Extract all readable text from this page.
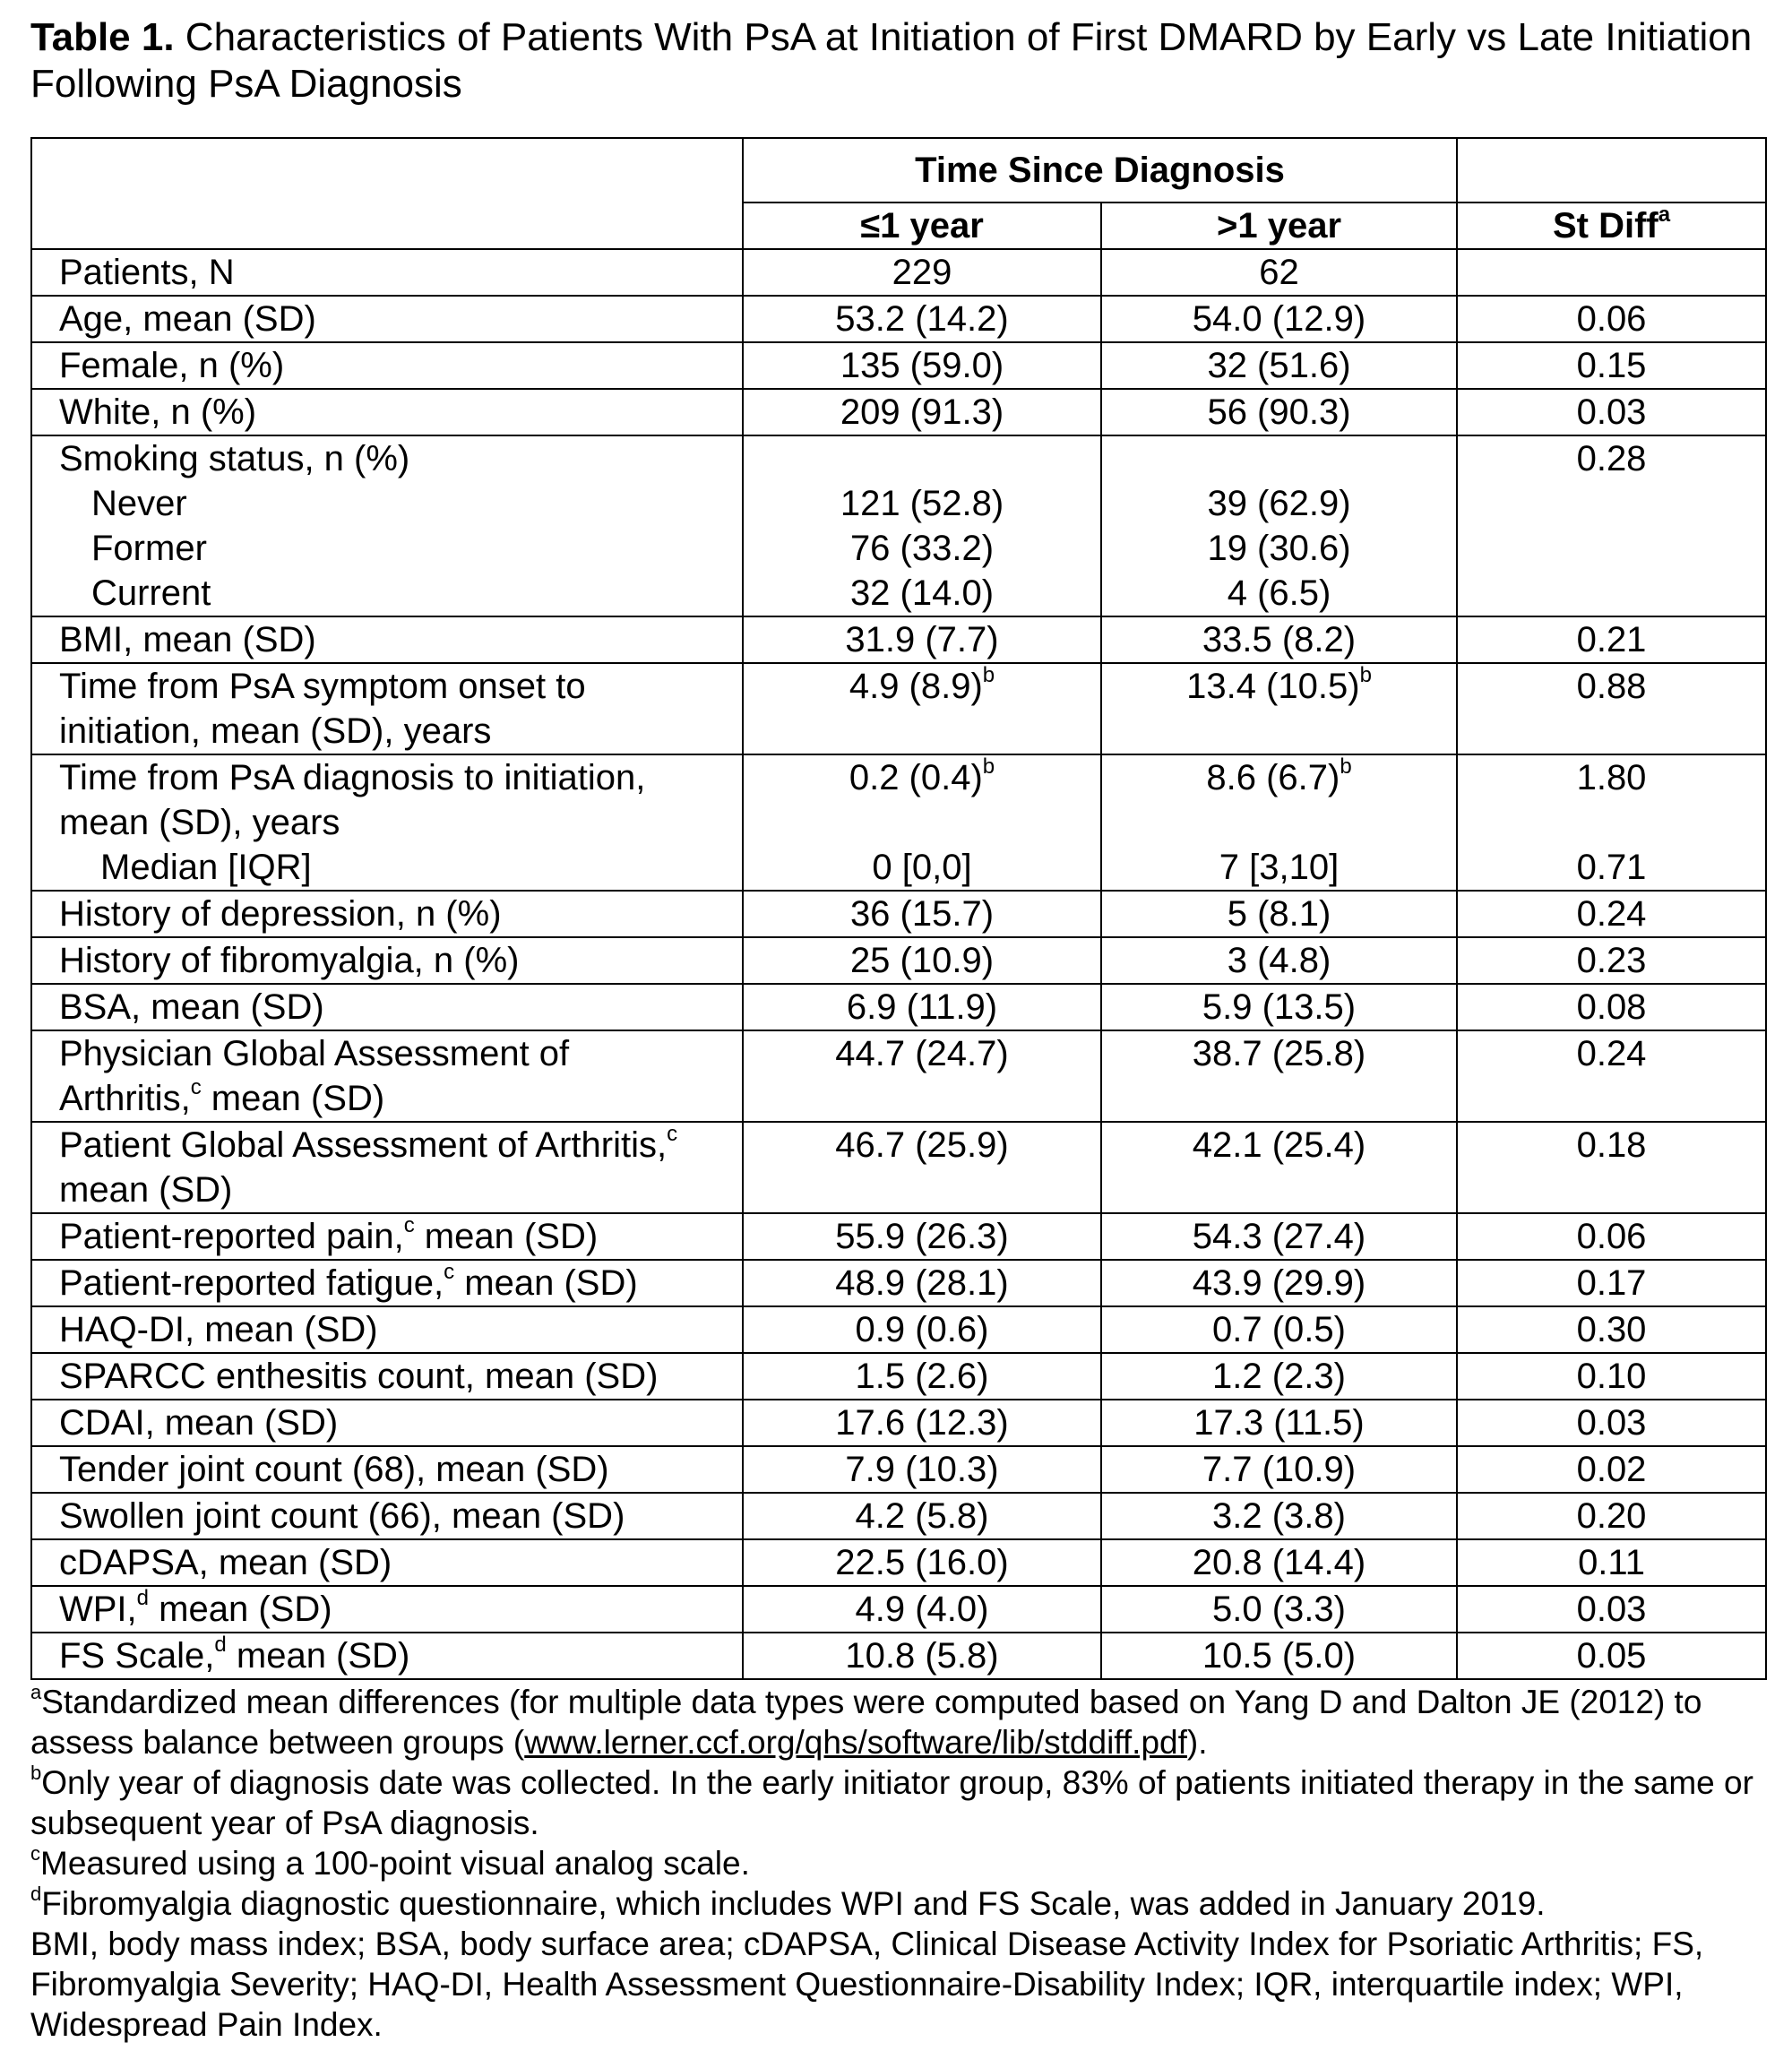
Table 1. Characteristics of Patients With PsA at Initiation of First DMARD by Early vs Late Initiation Following PsA Diagnosis
	Time Since Diagnosis		
	≤1 year	>1 year	St Diff$^a$
Patients, N	229	62	
Age, mean (SD)	53.2 (14.2)	54.0 (12.9)	0.06
Female, n (%)	135 (59.0)	32 (51.6)	0.15
White, n (%)	209 (91.3)	56 (90.3)	0.03
Smoking status, n (%)			0.28
Never	121 (52.8)	39 (62.9)	
Former	76 (33.2)	19 (30.6)	
Current	32 (14.0)	4 (6.5)	
BMI, mean (SD)	31.9 (7.7)	33.5 (8.2)	0.21
Time from PsA symptom onset to
initiation, mean (SD), years	4.9 $(8.9)^b$	13.4 $(10.5)^b$	0.88
Time from PsA diagnosis to initiation,
mean (SD), years	0.2 $(0.4)^b$	8.6 $(6.7)^b$	1.80
Median [IQR]	0 [0,0]	7 [3,10]	0.71
History of depression, n (%)	36 (15.7)	5 (8.1)	0.24
History of fibromyalgia, n (%)	25 (10.9)	3 (4.8)	0.23
BSA, mean (SD)	6.9 (11.9)	5.9 (13.5)	0.08
Physician Global Assessment of
Arthritis,$^c$ mean (SD)	44.7 (24.7)	38.7 (25.8)	0.24
Patient Global Assessment of Arthritis,$^c$
mean (SD)	46.7 (25.9)	42.1 (25.4)	0.18
Patient-reported pain,$^c$ mean (SD)	55.9 (26.3)	54.3 (27.4)	0.06
Patient-reported fatigue,$^c$ mean (SD)	48.9 (28.1)	43.9 (29.9)	0.17
HAQ-DI, mean (SD)	0.9 (0.6)	0.7 (0.5)	0.30
SPARCC enthesitis count, mean (SD)	1.5 (2.6)	1.2 (2.3)	0.10
CDAI, mean (SD)	17.6 (12.3)	17.3 (11.5)	0.03
Tender joint count (68), mean (SD)	7.9 (10.3)	7.7 (10.9)	0.02
Swollen joint count (66), mean (SD)	4.2 (5.8)	3.2 (3.8)	0.20
cDAPSA, mean (SD)	22.5 (16.0)	20.8 (14.4)	0.11
WPI,$^d$ mean (SD)	4.9 (4.0)	5.0 (3.3)	0.03
FS Scale,$^d$ mean (SD)	10.8 (5.8)	10.5 (5.0)	0.05

$^a$Standardized mean differences (for multiple data types were computed based on Yang D and Dalton JE (2012) to assess balance between groups (www.lerner.ccf.org/qhs/software/lib/stddiff.pdf).

$^b$Only year of diagnosis date was collected. In the early initiator group, 83% of patients initiated therapy in the same or subsequent year of PsA diagnosis.

$^c$Measured using a 100-point visual analog scale.

$^d$Fibromyalgia diagnostic questionnaire, which includes WPI and FS Scale, was added in January 2019.

BMI, body mass index; BSA, body surface area; cDAPSA, Clinical Disease Activity Index for Psoriatic Arthritis; FS, Fibromyalgia Severity; HAQ-DI, Health Assessment Questionnaire-Disability Index; IQR, interquartile index; WPI, Widespread Pain Index.
